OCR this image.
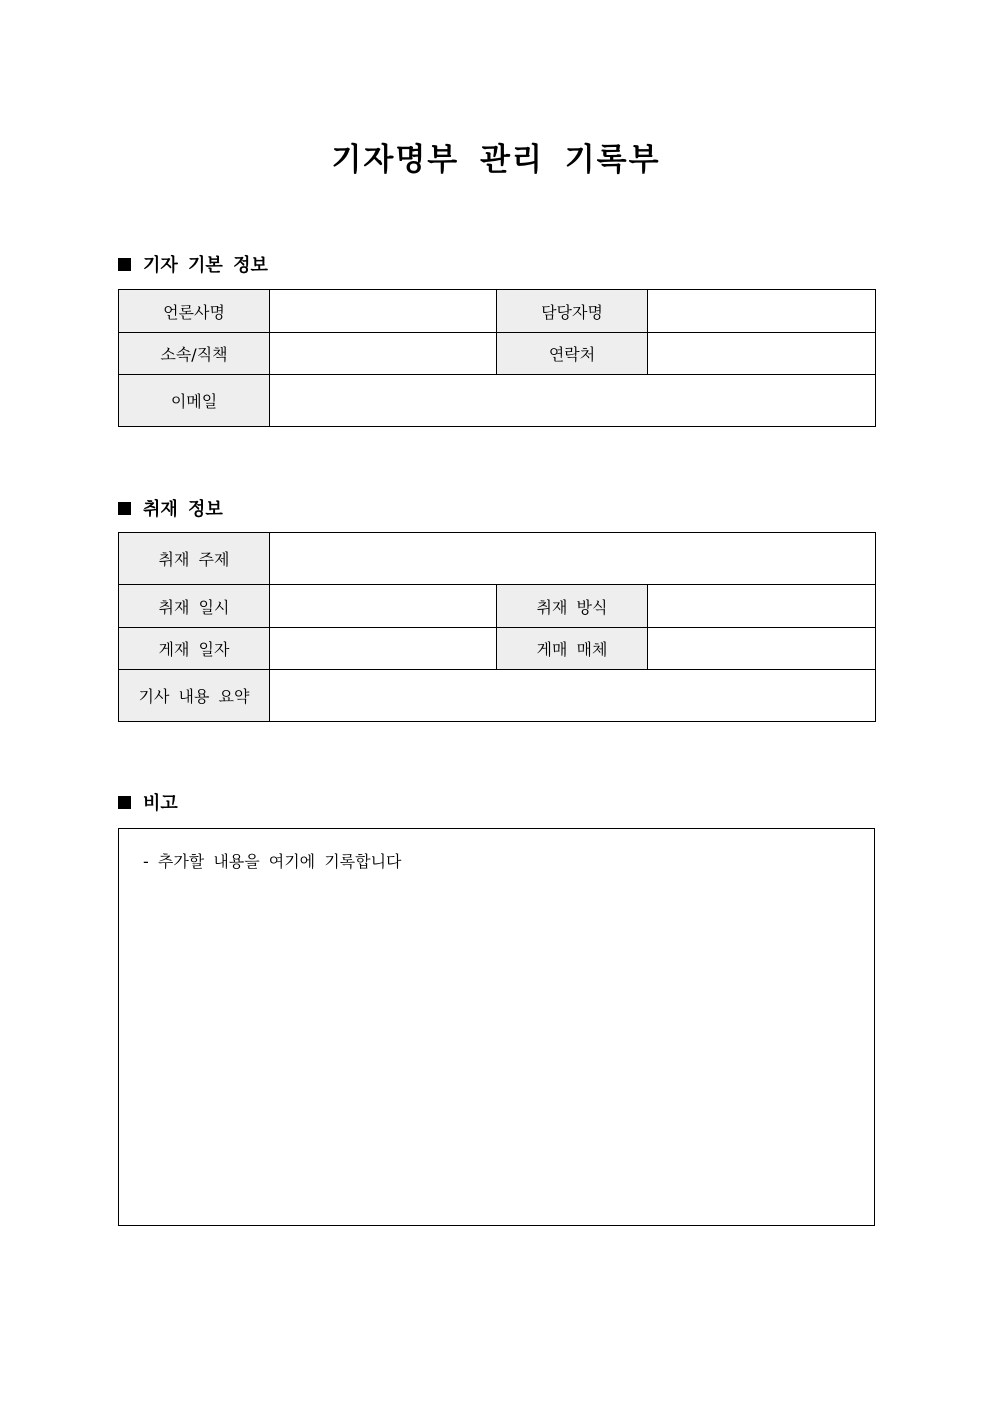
기자명부 관리 기록부
기자 기본 정보
언론사명		담당자명	
소속/직책		연락처	
이메일			
취재 정보
취재 주제			
취재 일시		취재 방식	
게재 일자		게매 매체	
기사 내용 요약			
비고
- 추가할 내용을 여기에 기록합니다
